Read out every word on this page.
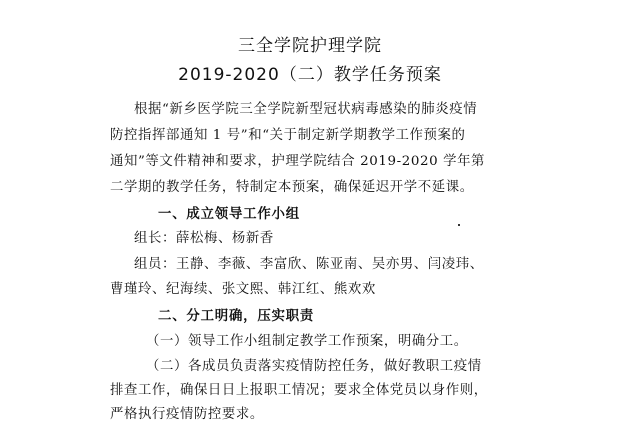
三全学院护理学院
2019-2020（二）教学任务预案
根据“新乡医学院三全学院新型冠状病毒感染的肺炎疫情
防控指挥部通知 1 号”和“关于制定新学期教学工作预案的
通知”等文件精神和要求，护理学院结合 2019-2020 学年第
二学期的教学任务，特制定本预案，确保延迟开学不延课。
一、成立领导工作小组
组长：薛松梅、杨新香
组员：王静、李薇、李富欣、陈亚南、吴亦男、闫凌玮、
曹瑾玲、纪海续、张文熙、韩江红、熊欢欢
二、分工明确，压实职责
（一）领导工作小组制定教学工作预案，明确分工。
（二）各成员负责落实疫情防控任务，做好教职工疫情
排查工作，确保日日上报职工情况；要求全体党员以身作则，
严格执行疫情防控要求。
